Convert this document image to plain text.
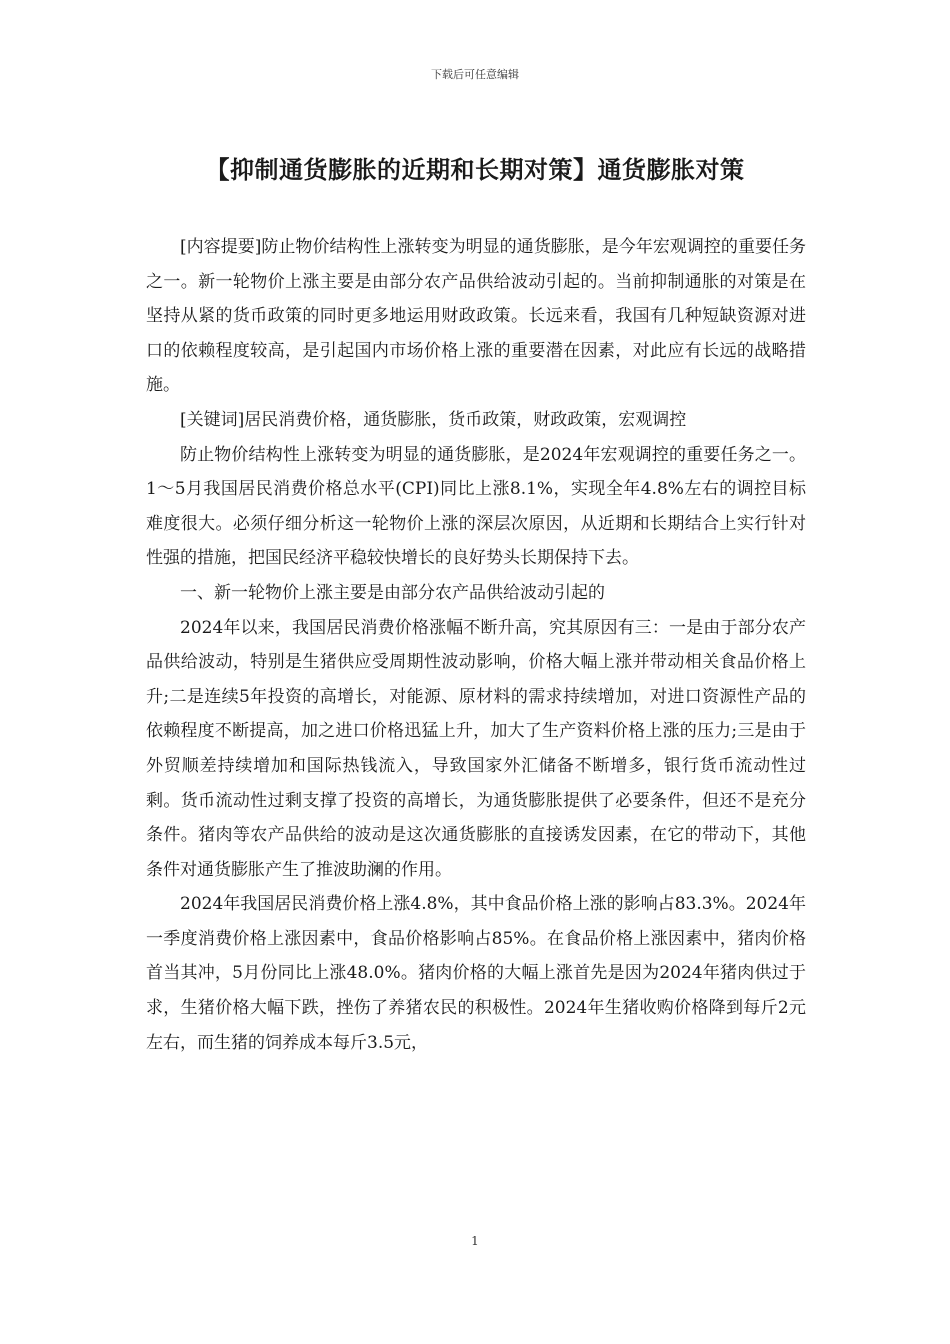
下载后可任意编辑
【抑制通货膨胀的近期和长期对策】通货膨胀对策

[内容提要]防止物价结构性上涨转变为明显的通货膨胀，是今年宏观调控的重要任务之一。新一轮物价上涨主要是由部分农产品供给波动引起的。当前抑制通胀的对策是在坚持从紧的货币政策的同时更多地运用财政政策。长远来看，我国有几种短缺资源对进口的依赖程度较高，是引起国内市场价格上涨的重要潜在因素，对此应有长远的战略措施。

[关键词]居民消费价格，通货膨胀，货币政策，财政政策，宏观调控

防止物价结构性上涨转变为明显的通货膨胀，是2024年宏观调控的重要任务之一。1～5月我国居民消费价格总水平(CPI)同比上涨8.1%，实现全年4.8%左右的调控目标难度很大。必须仔细分析这一轮物价上涨的深层次原因，从近期和长期结合上实行针对性强的措施，把国民经济平稳较快增长的良好势头长期保持下去。

一、新一轮物价上涨主要是由部分农产品供给波动引起的

2024年以来，我国居民消费价格涨幅不断升高，究其原因有三：一是由于部分农产品供给波动，特别是生猪供应受周期性波动影响，价格大幅上涨并带动相关食品价格上升;二是连续5年投资的高增长，对能源、原材料的需求持续增加，对进口资源性产品的依赖程度不断提高，加之进口价格迅猛上升，加大了生产资料价格上涨的压力;三是由于外贸顺差持续增加和国际热钱流入，导致国家外汇储备不断增多，银行货币流动性过剩。货币流动性过剩支撑了投资的高增长，为通货膨胀提供了必要条件，但还不是充分条件。猪肉等农产品供给的波动是这次通货膨胀的直接诱发因素，在它的带动下，其他条件对通货膨胀产生了推波助澜的作用。

2024年我国居民消费价格上涨4.8%，其中食品价格上涨的影响占83.3%。2024年一季度消费价格上涨因素中，食品价格影响占85%。在食品价格上涨因素中，猪肉价格首当其冲，5月份同比上涨48.0%。猪肉价格的大幅上涨首先是因为2024年猪肉供过于求，生猪价格大幅下跌，挫伤了养猪农民的积极性。2024年生猪收购价格降到每斤2元左右，而生猪的饲养成本每斤3.5元，

1
